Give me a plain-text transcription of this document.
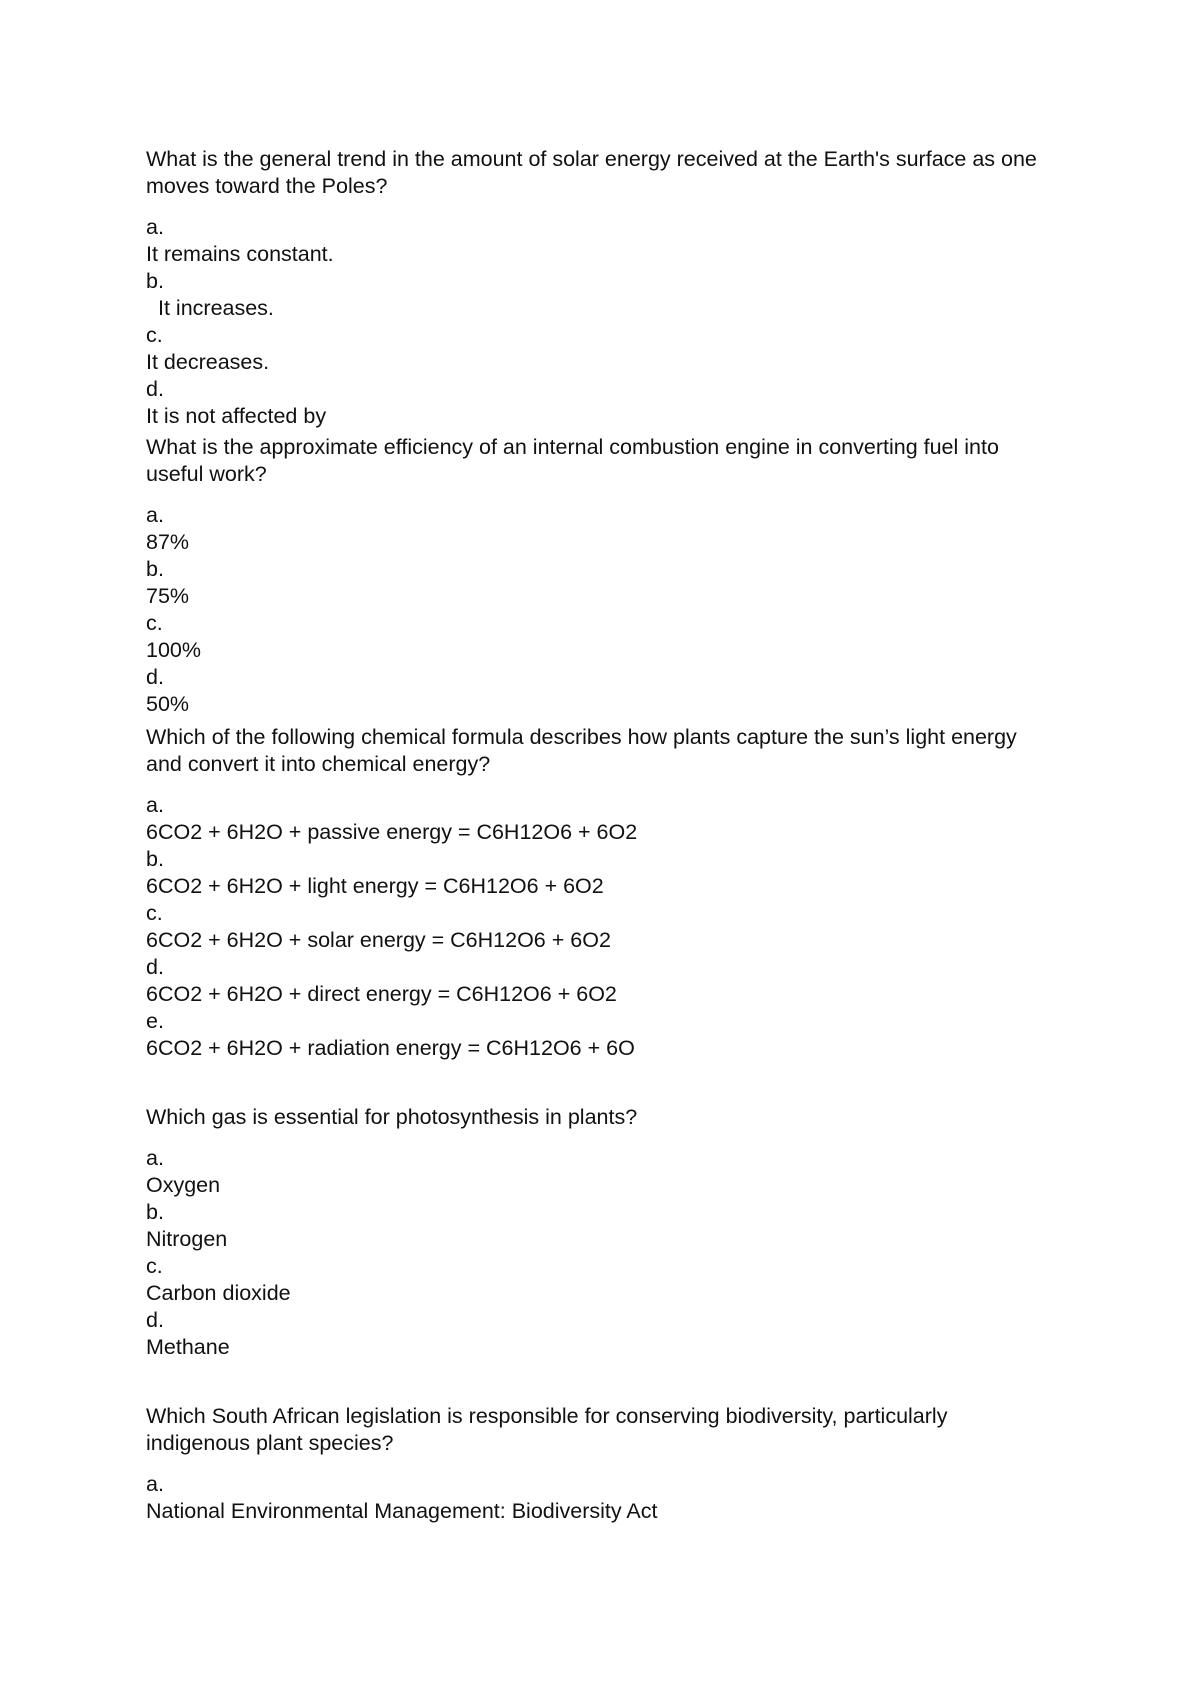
What is the general trend in the amount of solar energy received at the Earth's surface as one moves toward the Poles?

a.
It remains constant.
b.
It increases.
c.
It decreases.
d.
It is not affected by

What is the approximate efficiency of an internal combustion engine in converting fuel into useful work?

a.
87%
b.
75%
c.
100%
d.
50%

Which of the following chemical formula describes how plants capture the sun’s light energy and convert it into chemical energy?

a.
6CO2 + 6H2O + passive energy = C6H12O6 + 6O2
b.
6CO2 + 6H2O + light energy = C6H12O6 + 6O2
c.
6CO2 + 6H2O + solar energy = C6H12O6 + 6O2
d.
6CO2 + 6H2O + direct energy = C6H12O6 + 6O2
e.
6CO2 + 6H2O + radiation energy = C6H12O6 + 6O

Which gas is essential for photosynthesis in plants?

a.
Oxygen
b.
Nitrogen
c.
Carbon dioxide
d.
Methane

Which South African legislation is responsible for conserving biodiversity, particularly indigenous plant species?

a.
National Environmental Management: Biodiversity Act
